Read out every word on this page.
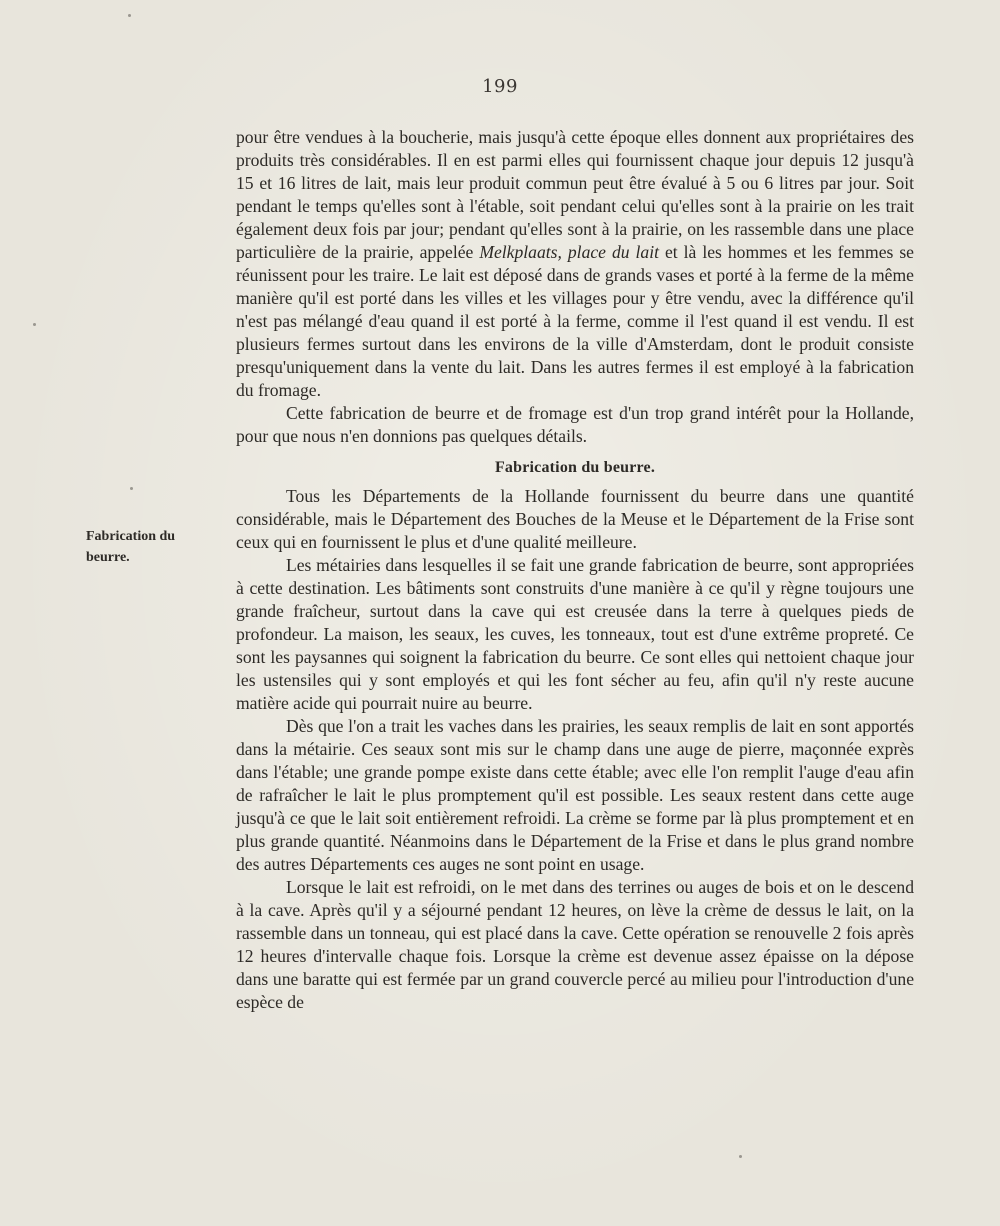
199
Fabrication du beurre.

pour être vendues à la boucherie, mais jusqu'à cette époque elles donnent aux propriétaires des produits très considérables. Il en est parmi elles qui fournissent chaque jour depuis 12 jusqu'à 15 et 16 litres de lait, mais leur produit commun peut être évalué à 5 ou 6 litres par jour. Soit pendant le temps qu'elles sont à l'étable, soit pendant celui qu'elles sont à la prairie on les trait également deux fois par jour; pendant qu'elles sont à la prairie, on les rassemble dans une place particulière de la prairie, appelée Melkplaats, place du lait et là les hommes et les femmes se réunissent pour les traire. Le lait est déposé dans de grands vases et porté à la ferme de la même manière qu'il est porté dans les villes et les villages pour y être vendu, avec la différence qu'il n'est pas mélangé d'eau quand il est porté à la ferme, comme il l'est quand il est vendu. Il est plusieurs fermes surtout dans les environs de la ville d'Amsterdam, dont le produit consiste presqu'uniquement dans la vente du lait. Dans les autres fermes il est employé à la fabrication du fromage.

Cette fabrication de beurre et de fromage est d'un trop grand intérêt pour la Hollande, pour que nous n'en donnions pas quelques détails.

Fabrication du beurre.

Tous les Départements de la Hollande fournissent du beurre dans une quantité considérable, mais le Département des Bouches de la Meuse et le Département de la Frise sont ceux qui en fournissent le plus et d'une qualité meilleure.

Les métairies dans lesquelles il se fait une grande fabrication de beurre, sont appropriées à cette destination. Les bâtiments sont construits d'une manière à ce qu'il y règne toujours une grande fraîcheur, surtout dans la cave qui est creusée dans la terre à quelques pieds de profondeur. La maison, les seaux, les cuves, les tonneaux, tout est d'une extrême propreté. Ce sont les paysannes qui soignent la fabrication du beurre. Ce sont elles qui nettoient chaque jour les ustensiles qui y sont employés et qui les font sécher au feu, afin qu'il n'y reste aucune matière acide qui pourrait nuire au beurre.

Dès que l'on a trait les vaches dans les prairies, les seaux remplis de lait en sont apportés dans la métairie. Ces seaux sont mis sur le champ dans une auge de pierre, maçonnée exprès dans l'étable; une grande pompe existe dans cette étable; avec elle l'on remplit l'auge d'eau afin de rafraîcher le lait le plus promptement qu'il est possible. Les seaux restent dans cette auge jusqu'à ce que le lait soit entièrement refroidi. La crème se forme par là plus promptement et en plus grande quantité. Néanmoins dans le Département de la Frise et dans le plus grand nombre des autres Départements ces auges ne sont point en usage.

Lorsque le lait est refroidi, on le met dans des terrines ou auges de bois et on le descend à la cave. Après qu'il y a séjourné pendant 12 heures, on lève la crème de dessus le lait, on la rassemble dans un tonneau, qui est placé dans la cave. Cette opération se renouvelle 2 fois après 12 heures d'intervalle chaque fois. Lorsque la crème est devenue assez épaisse on la dépose dans une baratte qui est fermée par un grand couvercle percé au milieu pour l'introduction d'une espèce de
